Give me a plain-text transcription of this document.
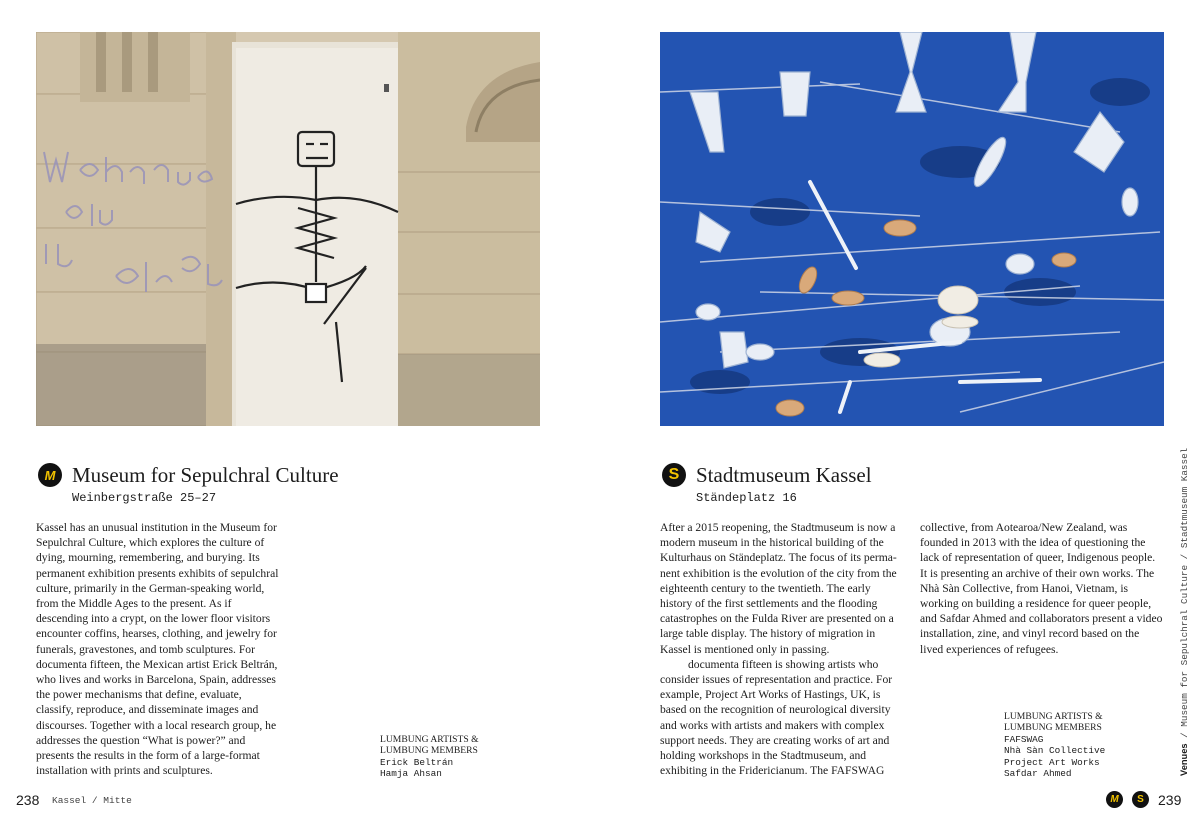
M Museum for Sepulchral Culture
Weinbergstraße 25–27

Kassel has an unusual institution in the Museum for Sepulchral Culture, which explores the culture of dying, mourning, remembering, and burying. Its permanent exhibition presents exhibits of sepulchral culture, primarily in the German-speaking world, from the Middle Ages to the present. As if descending into a crypt, on the lower floor visitors encounter coffins, hearses, clothing, and jewelry for funerals, gravestones, and tomb sculptures. For documenta fifteen, the Mexican artist Erick Beltrán, who lives and works in Barcelona, Spain, addresses the power mechanisms that define, evaluate, classify, reproduce, and disseminate images and discourses. Together with a local research group, he addresses the question “What is power?” and presents the results in the form of a large-format installation with prints and sculptures.

LUMBUNG ARTISTS &
LUMBUNG MEMBERS
Erick Beltrán
Hamja Ahsan
238 Kassel / Mitte
S Stadtmuseum Kassel
Ständeplatz 16

After a 2015 reopening, the Stadtmuseum is now a modern museum in the historical building of the Kulturhaus on Ständeplatz. The focus of its permanent exhibition is the evolution of the city from the eighteenth century to the twentieth. The early history of the first settlements and the flooding catastrophes on the Fulda River are presented on a large table display. The history of migration in Kassel is mentioned only in passing.

documenta fifteen is showing artists who consider issues of representation and practice. For example, Project Art Works of Hastings, UK, is based on the recognition of neurological diversity and works with artists and makers with complex support needs. They are creating works of art and holding workshops in the Stadtmuseum, and exhibiting in the Fridericianum. The FAFSWAG

collective, from Aotearoa/New Zealand, was founded in 2013 with the idea of questioning the lack of representation of queer, Indigenous people. It is presenting an archive of their own works. The Nhà Sàn Collective, from Hanoi, Vietnam, is working on building a residence for queer people, and Safdar Ahmed and collaborators present a video installation, zine, and vinyl record based on the lived experiences of refugees.

LUMBUNG ARTISTS &
LUMBUNG MEMBERS
FAFSWAG
Nhà Sàn Collective
Project Art Works
Safdar Ahmed
M	S	239
Venues / Museum for Sepulchral Culture / Stadtmuseum Kassel
